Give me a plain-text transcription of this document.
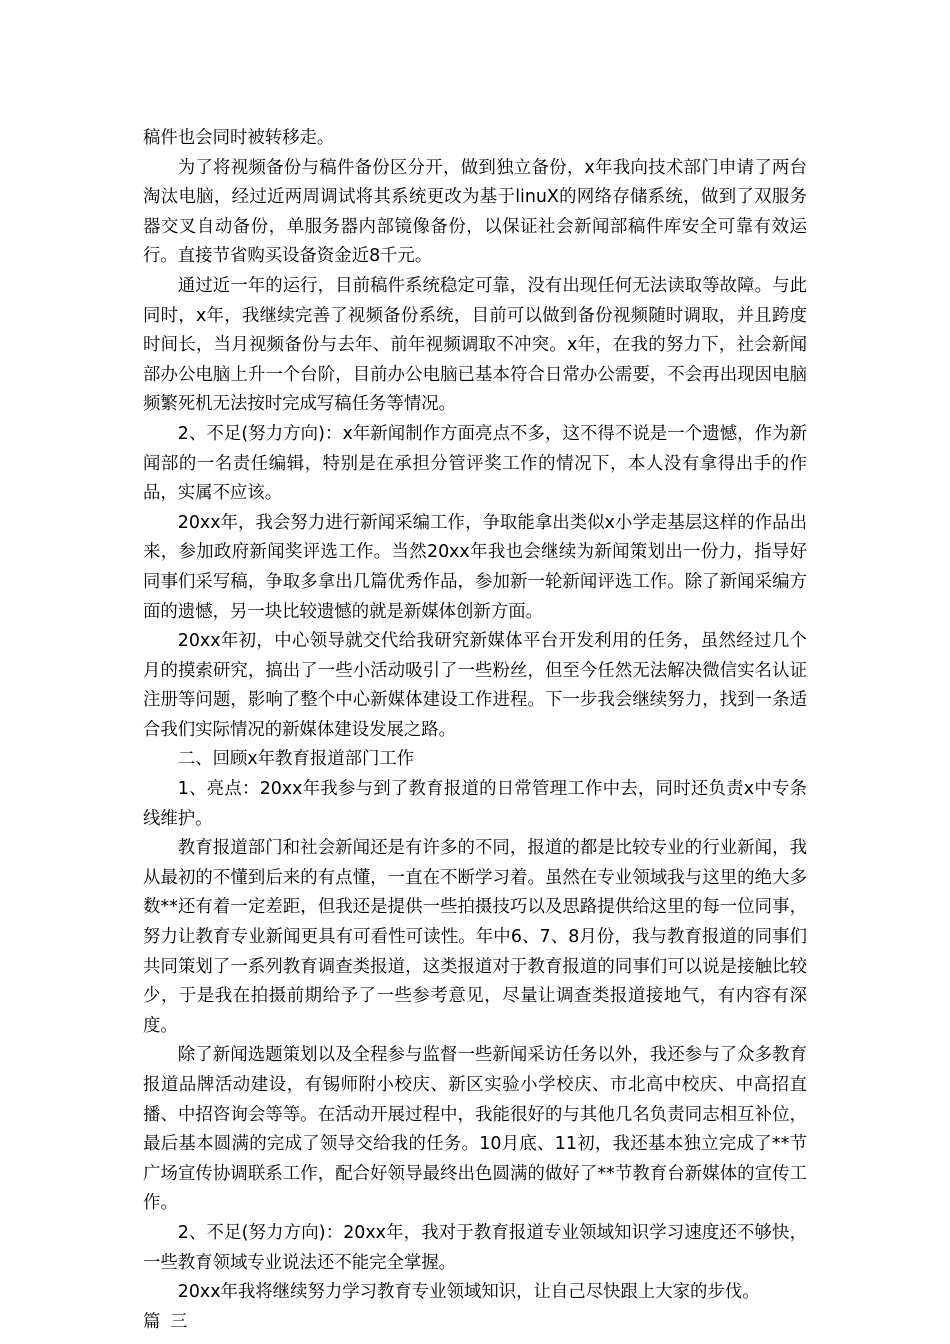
稿件也会同时被转移走。

为了将视频备份与稿件备份区分开，做到独立备份，x年我向技术部门申请了两台淘汰电脑，经过近两周调试将其系统更改为基于linuX的网络存储系统，做到了双服务器交叉自动备份，单服务器内部镜像备份，以保证社会新闻部稿件库安全可靠有效运行。直接节省购买设备资金近8千元。

通过近一年的运行，目前稿件系统稳定可靠，没有出现任何无法读取等故障。与此同时，x年，我继续完善了视频备份系统，目前可以做到备份视频随时调取，并且跨度时间长，当月视频备份与去年、前年视频调取不冲突。x年，在我的努力下，社会新闻部办公电脑上升一个台阶，目前办公电脑已基本符合日常办公需要，不会再出现因电脑频繁死机无法按时完成写稿任务等情况。

2、不足(努力方向)：x年新闻制作方面亮点不多，这不得不说是一个遗憾，作为新闻部的一名责任编辑，特别是在承担分管评奖工作的情况下，本人没有拿得出手的作品，实属不应该。

20xx年，我会努力进行新闻采编工作，争取能拿出类似x小学走基层这样的作品出来，参加政府新闻奖评选工作。当然20xx年我也会继续为新闻策划出一份力，指导好同事们采写稿，争取多拿出几篇优秀作品，参加新一轮新闻评选工作。除了新闻采编方面的遗憾，另一块比较遗憾的就是新媒体创新方面。

20xx年初，中心领导就交代给我研究新媒体平台开发利用的任务，虽然经过几个月的摸索研究，搞出了一些小活动吸引了一些粉丝，但至今任然无法解决微信实名认证注册等问题，影响了整个中心新媒体建设工作进程。下一步我会继续努力，找到一条适合我们实际情况的新媒体建设发展之路。

二、回顾x年教育报道部门工作

1、亮点：20xx年我参与到了教育报道的日常管理工作中去，同时还负责x中专条线维护。

教育报道部门和社会新闻还是有许多的不同，报道的都是比较专业的行业新闻，我从最初的不懂到后来的有点懂，一直在不断学习着。虽然在专业领域我与这里的绝大多数**还有着一定差距，但我还是提供一些拍摄技巧以及思路提供给这里的每一位同事，努力让教育专业新闻更具有可看性可读性。年中6、7、8月份，我与教育报道的同事们共同策划了一系列教育调查类报道，这类报道对于教育报道的同事们可以说是接触比较少，于是我在拍摄前期给予了一些参考意见，尽量让调查类报道接地气，有内容有深度。

除了新闻选题策划以及全程参与监督一些新闻采访任务以外，我还参与了众多教育报道品牌活动建设，有锡师附小校庆、新区实验小学校庆、市北高中校庆、中高招直播、中招咨询会等等。在活动开展过程中，我能很好的与其他几名负责同志相互补位，最后基本圆满的完成了领导交给我的任务。10月底、11初，我还基本独立完成了**节广场宣传协调联系工作，配合好领导最终出色圆满的做好了**节教育台新媒体的宣传工作。

2、不足(努力方向)：20xx年，我对于教育报道专业领域知识学习速度还不够快，一些教育领域专业说法还不能完全掌握。

20xx年我将继续努力学习教育专业领域知识，让自己尽快跟上大家的步伐。

篇三
